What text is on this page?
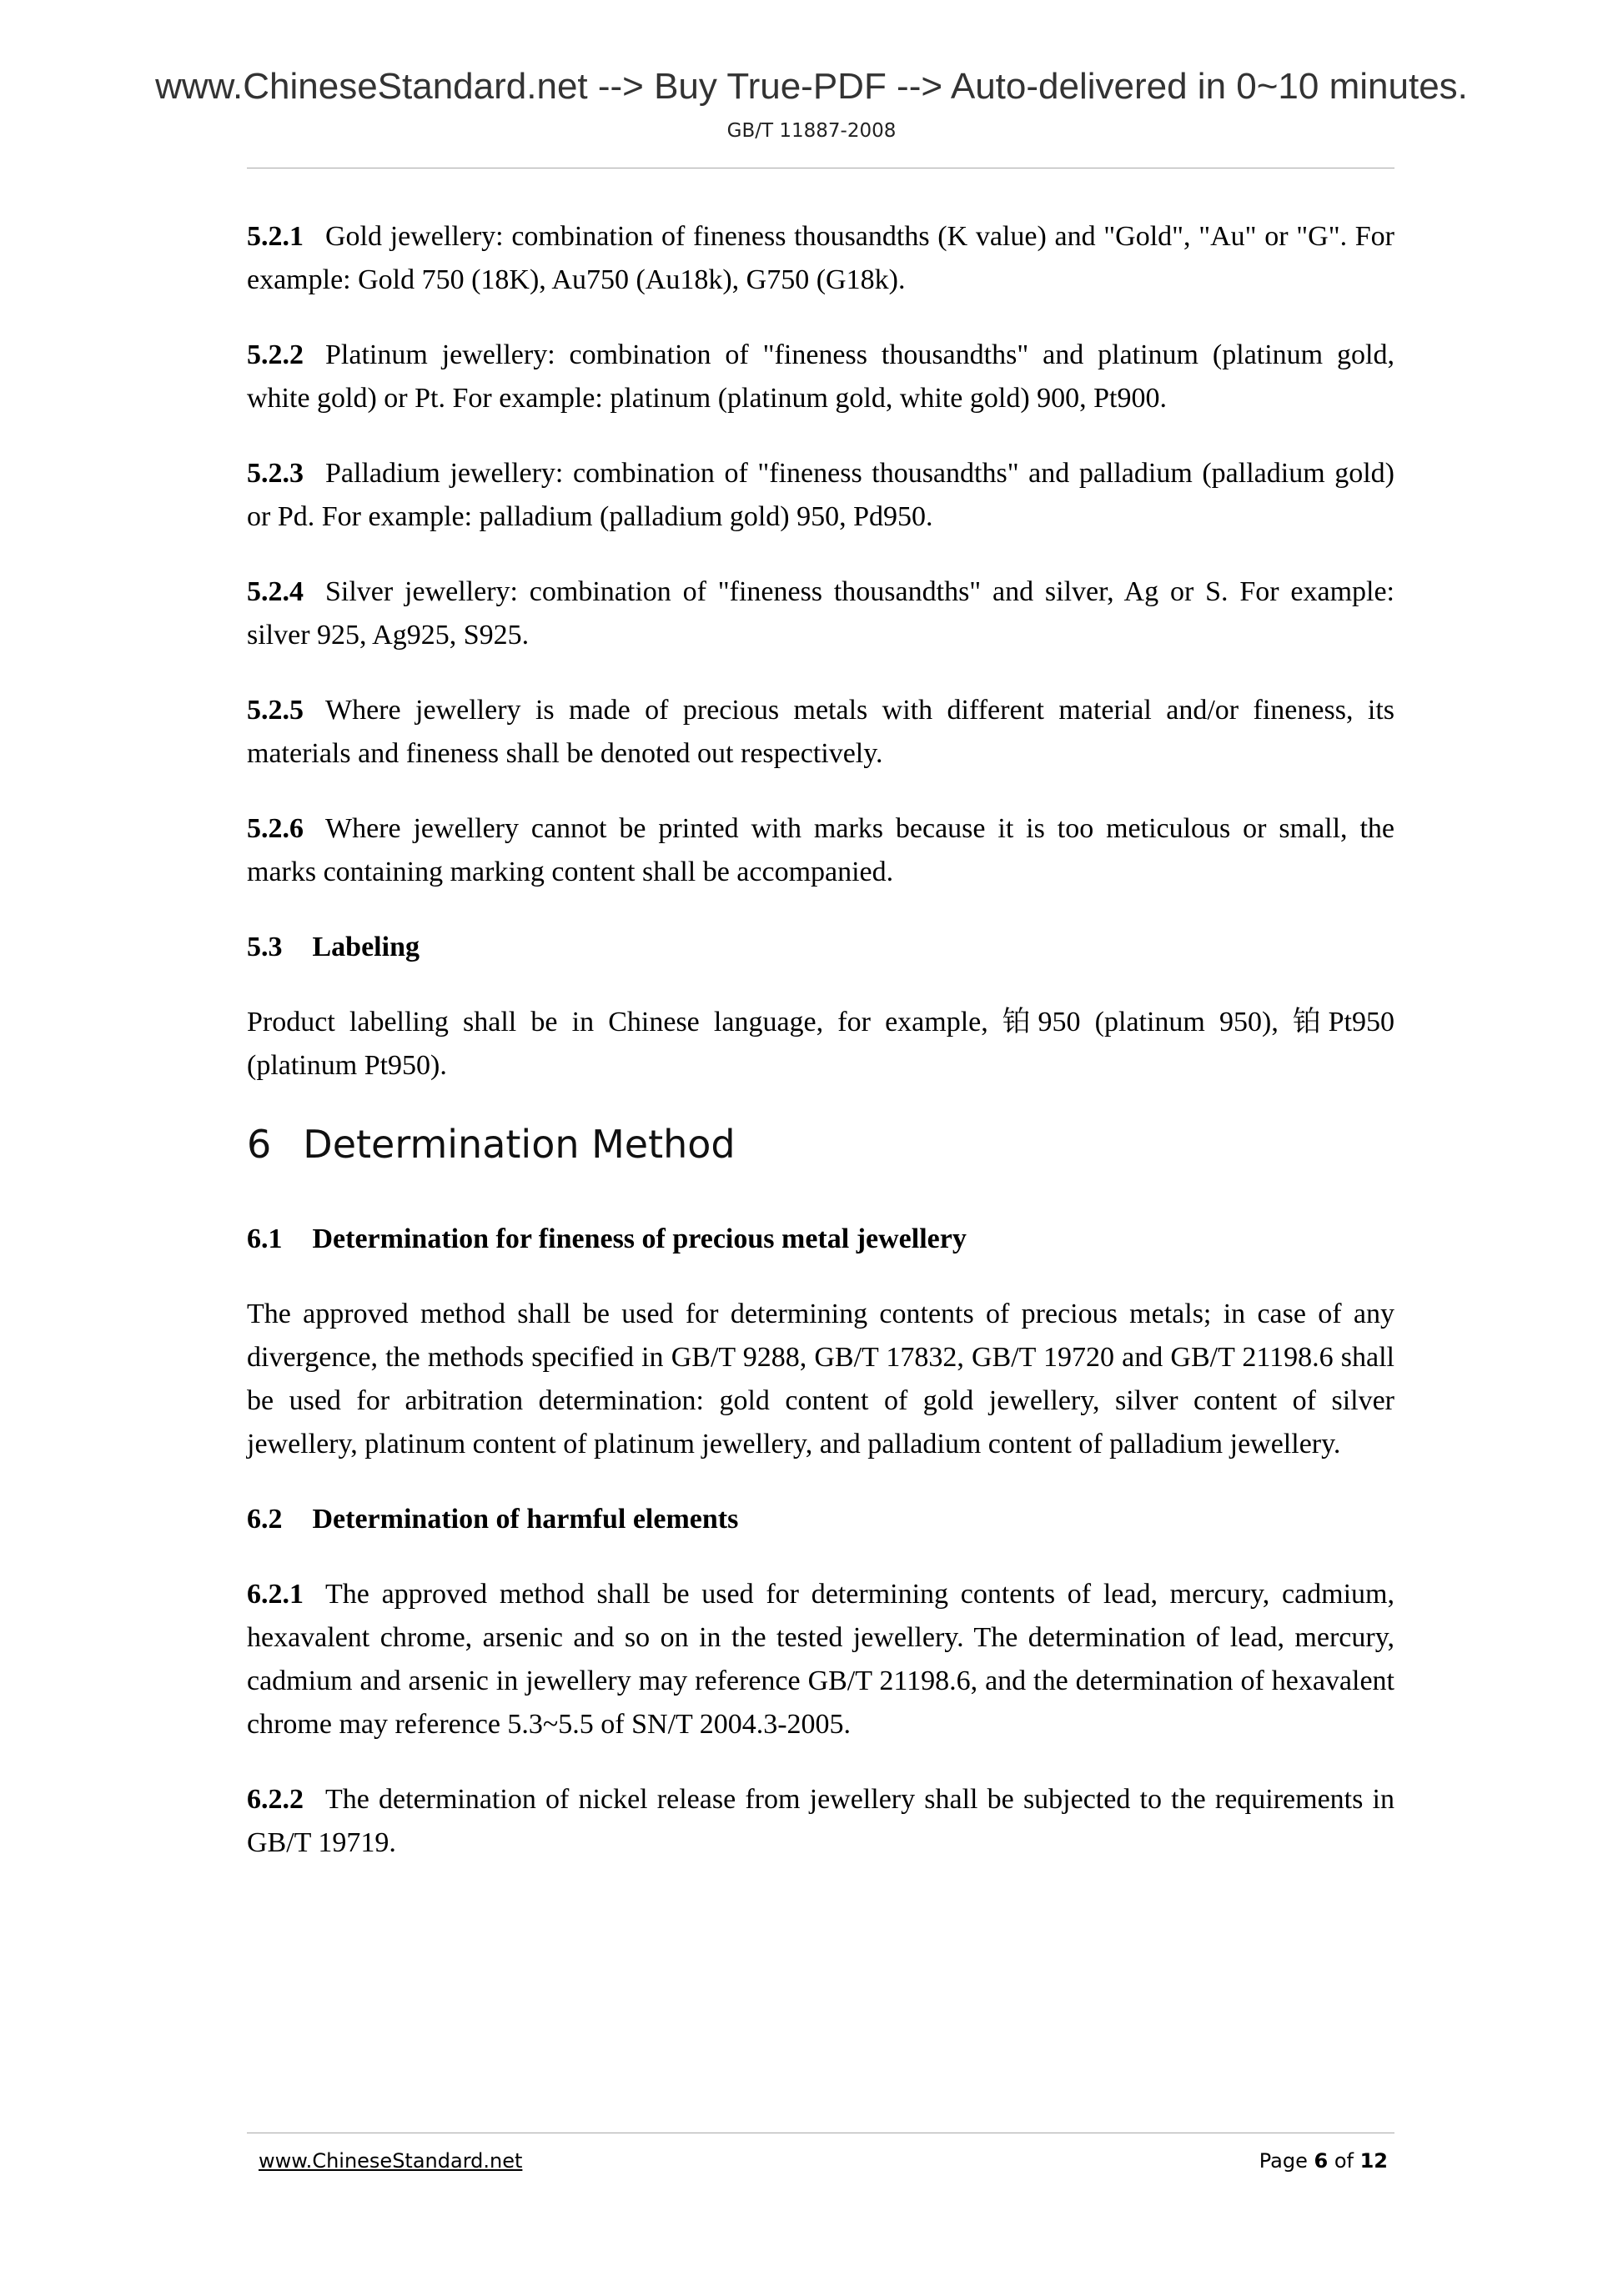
www.ChineseStandard.net --> Buy True-PDF --> Auto-delivered in 0~10 minutes.
GB/T 11887-2008

5.2.1 Gold jewellery: combination of fineness thousandths (K value) and "Gold", "Au" or "G". For example: Gold 750 (18K), Au750 (Au18k), G750 (G18k).

5.2.2 Platinum jewellery: combination of "fineness thousandths" and platinum (platinum gold, white gold) or Pt. For example: platinum (platinum gold, white gold) 900, Pt900.

5.2.3 Palladium jewellery: combination of "fineness thousandths" and palladium (palladium gold) or Pd. For example: palladium (palladium gold) 950, Pd950.

5.2.4 Silver jewellery: combination of "fineness thousandths" and silver, Ag or S. For example: silver 925, Ag925, S925.

5.2.5 Where jewellery is made of precious metals with different material and/or fineness, its materials and fineness shall be denoted out respectively.

5.2.6 Where jewellery cannot be printed with marks because it is too meticulous or small, the marks containing marking content shall be accompanied.

5.3 Labeling

Product labelling shall be in Chinese language, for example, 铂950 (platinum 950), 铂Pt950 (platinum Pt950).

6 Determination Method

6.1 Determination for fineness of precious metal jewellery

The approved method shall be used for determining contents of precious metals; in case of any divergence, the methods specified in GB/T 9288, GB/T 17832, GB/T 19720 and GB/T 21198.6 shall be used for arbitration determination: gold content of gold jewellery, silver content of silver jewellery, platinum content of platinum jewellery, and palladium content of palladium jewellery.

6.2 Determination of harmful elements

6.2.1 The approved method shall be used for determining contents of lead, mercury, cadmium, hexavalent chrome, arsenic and so on in the tested jewellery. The determination of lead, mercury, cadmium and arsenic in jewellery may reference GB/T 21198.6, and the determination of hexavalent chrome may reference 5.3~5.5 of SN/T 2004.3-2005.

6.2.2 The determination of nickel release from jewellery shall be subjected to the requirements in GB/T 19719.

www.ChineseStandard.net	Page 6 of 12
